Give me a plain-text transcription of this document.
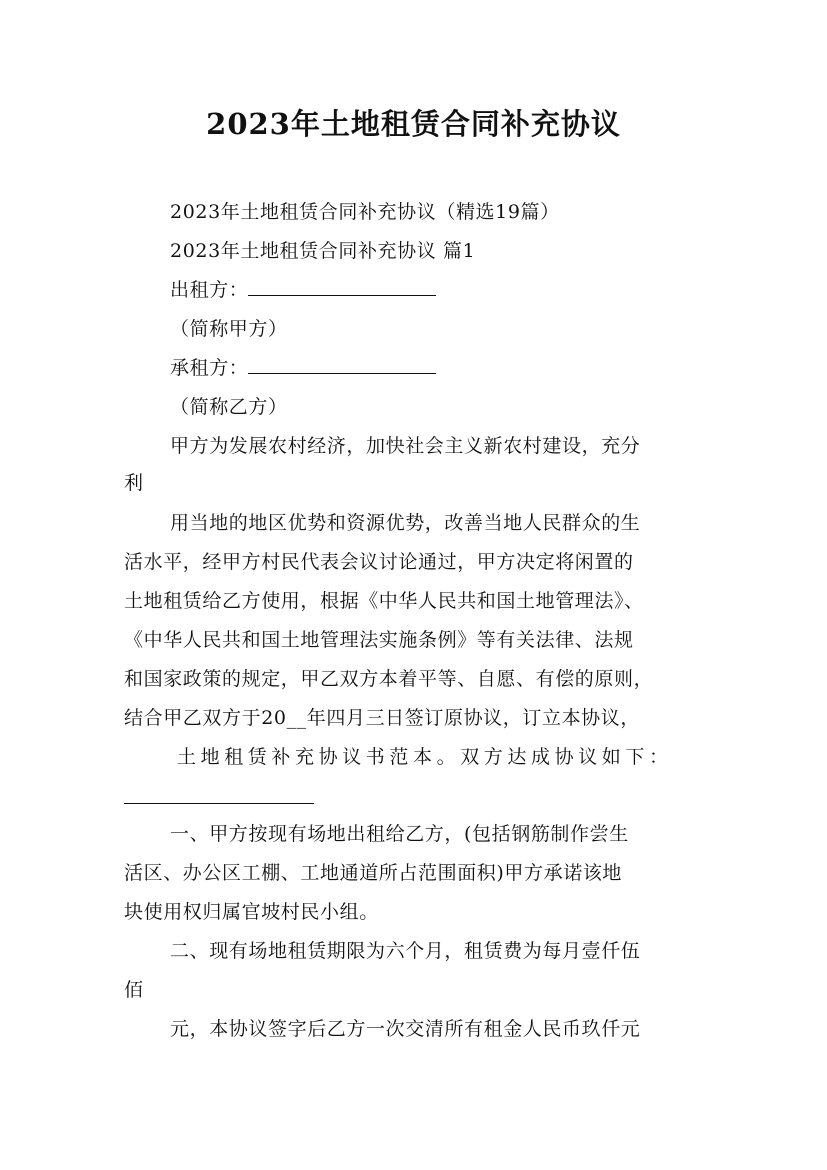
2023年土地租赁合同补充协议
2023年土地租赁合同补充协议（精选19篇）
2023年土地租赁合同补充协议 篇1
出租方：
（简称甲方）
承租方：
（简称乙方）
甲方为发展农村经济，加快社会主义新农村建设，充分
利
用当地的地区优势和资源优势，改善当地人民群众的生
活水平，经甲方村民代表会议讨论通过，甲方决定将闲置的
土地租赁给乙方使用，根据《中华人民共和国土地管理法》、
《中华人民共和国土地管理法实施条例》等有关法律、法规
和国家政策的规定，甲乙双方本着平等、自愿、有偿的原则，
结合甲乙双方于20__年四月三日签订原协议，订立本协议，
土地租赁补充协议书范本。双方达成协议如下：
一、甲方按现有场地出租给乙方，(包括钢筋制作尝生
活区、办公区工棚、工地通道所占范围面积)甲方承诺该地
块使用权归属官坡村民小组。
二、现有场地租赁期限为六个月，租赁费为每月壹仟伍
佰
元，本协议签字后乙方一次交清所有租金人民币玖仟元
